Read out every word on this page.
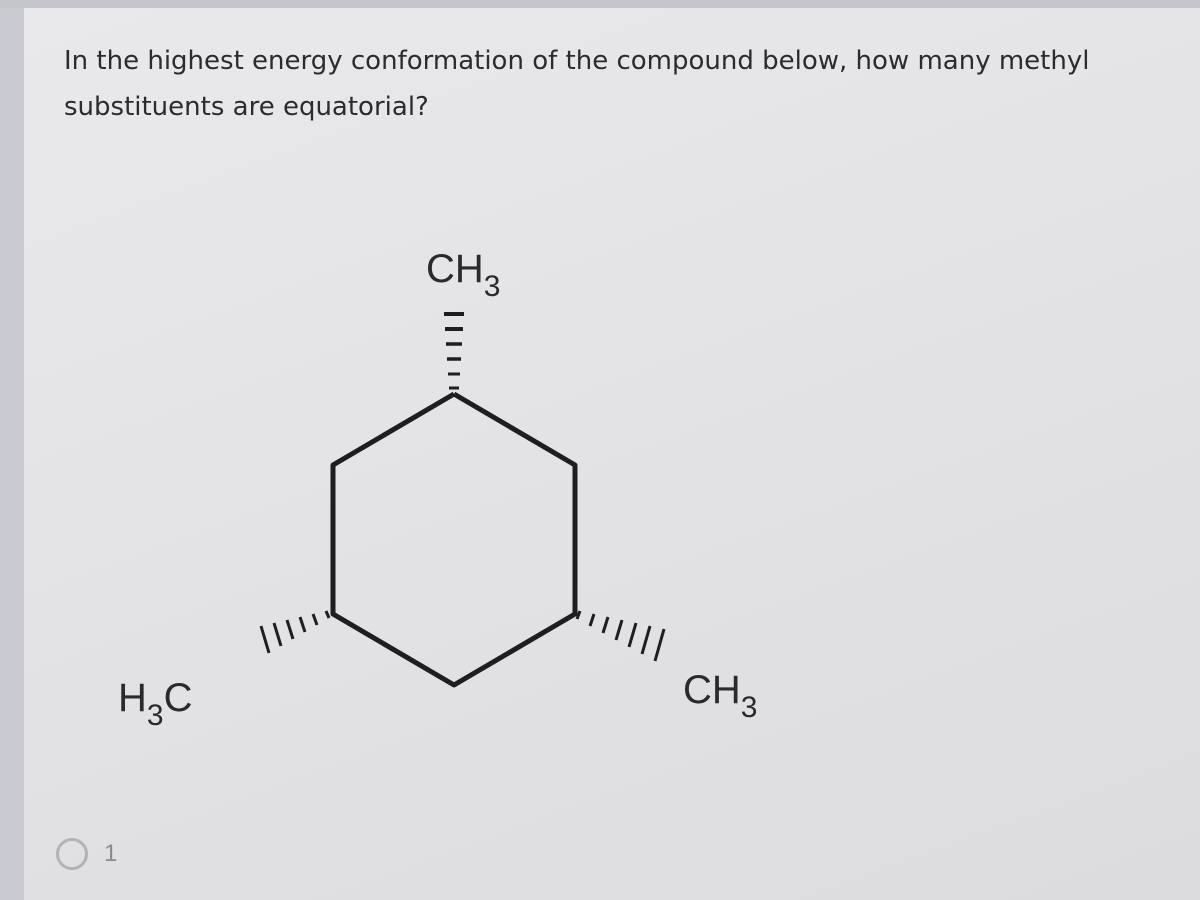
In the highest energy conformation of the compound below, how many methyl substituents are equatorial?

$CH_3$
$CH_3$
$H_3C$
1
